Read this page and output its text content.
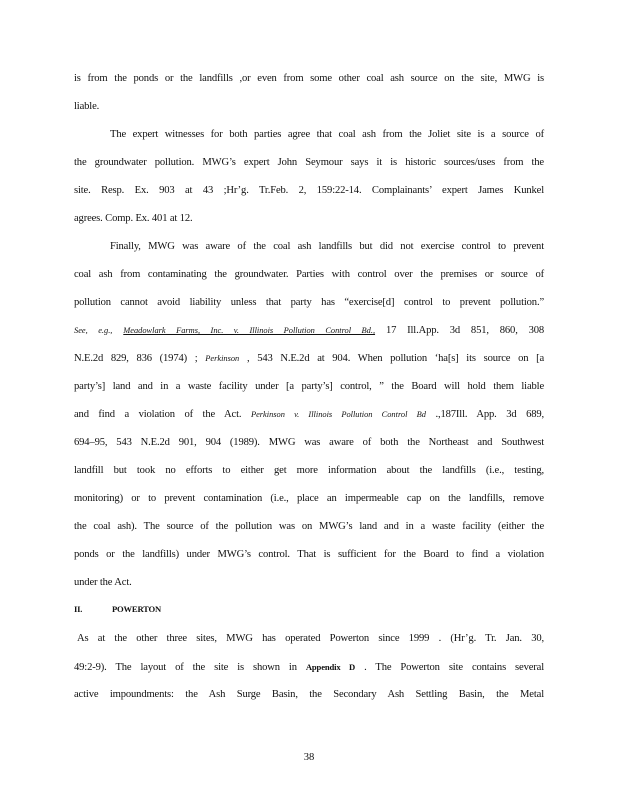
is from the ponds or the landfills ,or even from some other coal ash source on the site, MWG is
liable.
The expert witnesses for both parties agree that coal ash from the Joliet site is a source of
the groundwater pollution. MWG’s expert John Seymour says it is historic sources/uses from the
site. Resp. Ex. 903 at 43 ;Hr’g. Tr.Feb. 2, 159:22-14. Complainants’ expert James Kunkel
agrees. Comp. Ex. 401 at 12.
Finally, MWG was aware of the coal ash landfills but did not exercise control to prevent
coal ash from contaminating the groundwater. Parties with control over the premises or source of
pollution cannot avoid liability unless that party has “exercise[d] control to prevent pollution.”
See, e.g., Meadowlark Farms, Inc. v. Illinois Pollution Control Bd., 17 Ill.App. 3d 851, 860, 308
N.E.2d 829, 836 (1974) ; Perkinson , 543 N.E.2d at 904. When pollution ‘ha[s] its source on [a
party’s] land and in a waste facility under [a party’s] control, ” the Board will hold them liable
and find a violation of the Act. Perkinson v. Illinois Pollution Control Bd .,187Ill. App. 3d 689,
694–95, 543 N.E.2d 901, 904 (1989). MWG was aware of both the Northeast and Southwest
landfill but took no efforts to either get more information about the landfills (i.e., testing,
monitoring) or to prevent contamination (i.e., place an impermeable cap on the landfills, remove
the coal ash). The source of the pollution was on MWG’s land and in a waste facility (either the
ponds or the landfills) under MWG’s control. That is sufficient for the Board to find a violation
under the Act.
II.	POWERTON
As at the other three sites, MWG has operated Powerton since 1999 . (Hr’g. Tr. Jan. 30,
49:2-9). The layout of the site is shown in Appendix D . The Powerton site contains several
active impoundments: the Ash Surge Basin, the Secondary Ash Settling Basin, the Metal
38
